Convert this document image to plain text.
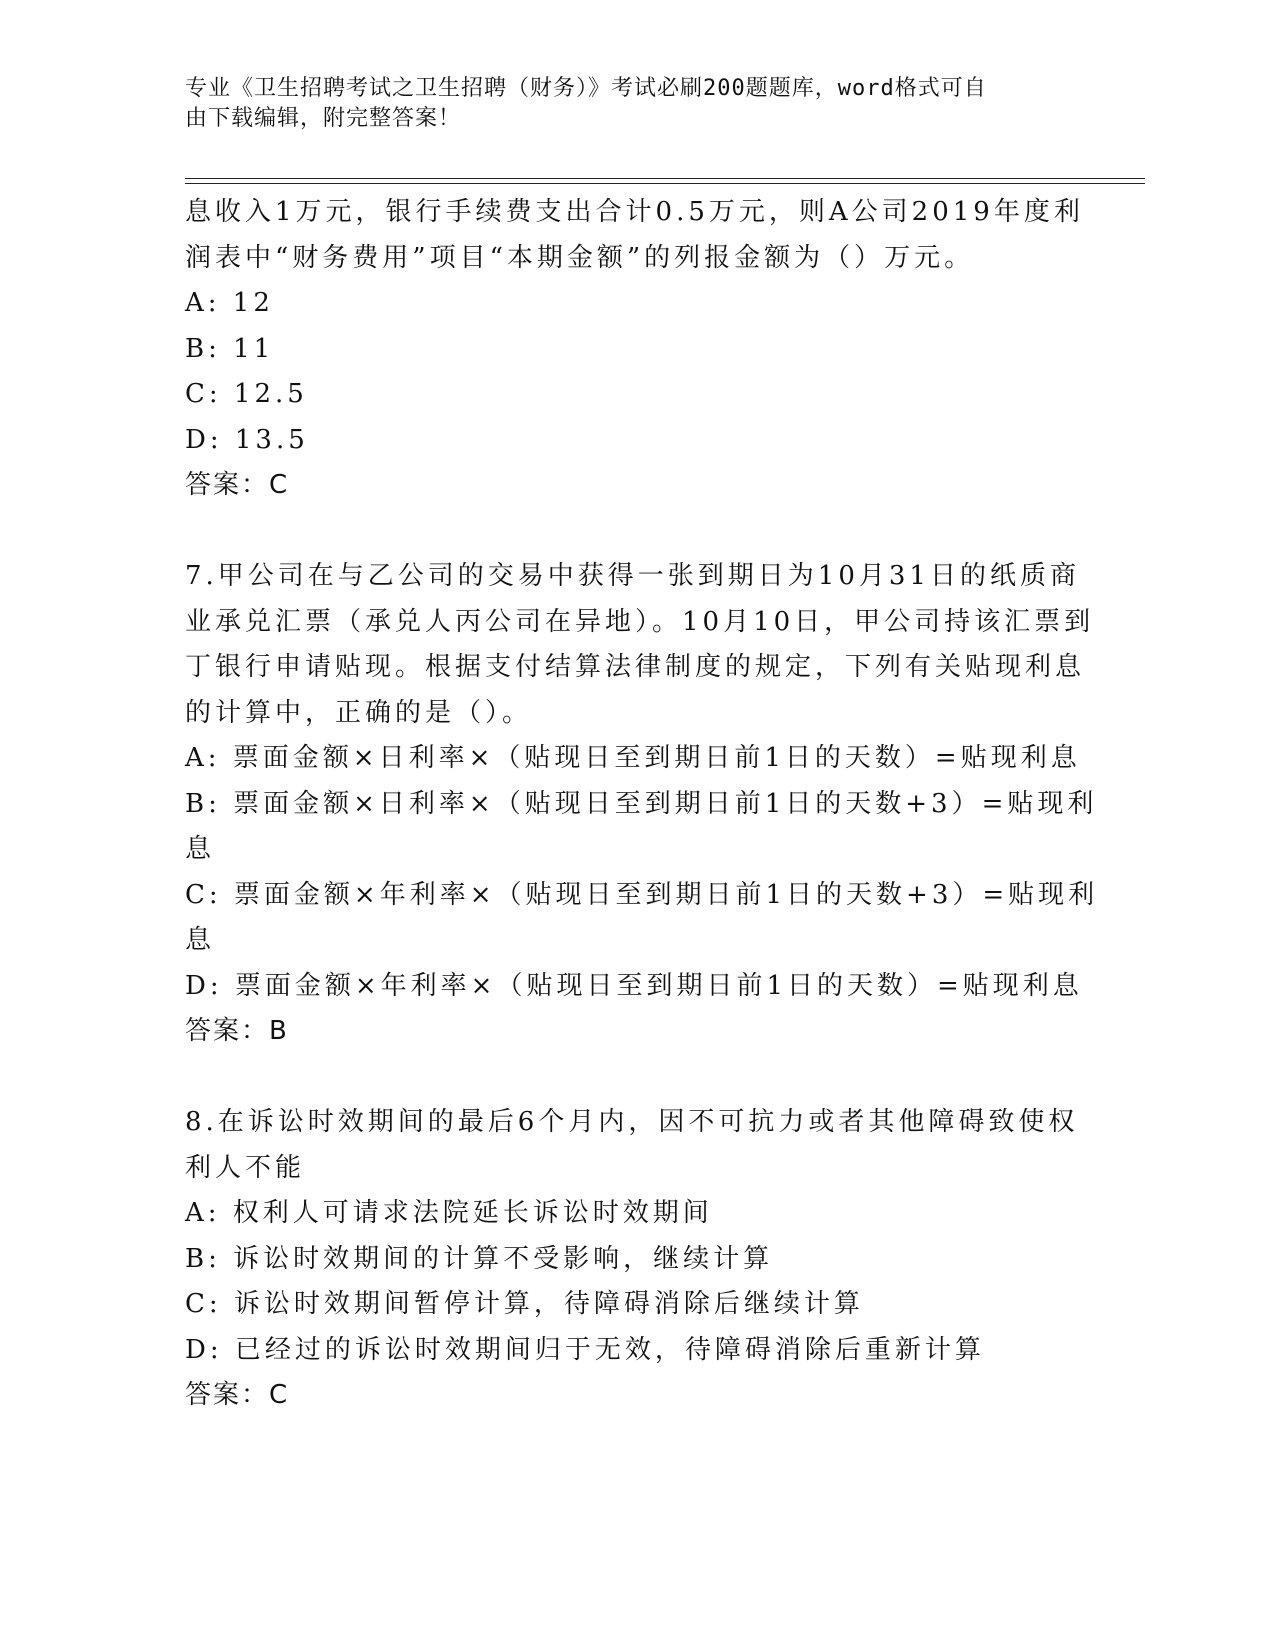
专业《卫生招聘考试之卫生招聘（财务）》考试必刷200题题库，word格式可自
由下载编辑，附完整答案！
息收入1万元，银行手续费支出合计0.5万元，则A公司2019年度利
润表中“财务费用”项目“本期金额”的列报金额为（）万元。
A: 12
B: 11
C: 12.5
D: 13.5
答案：C
7.甲公司在与乙公司的交易中获得一张到期日为10月31日的纸质商
业承兑汇票（承兑人丙公司在异地）。10月10日，甲公司持该汇票到
丁银行申请贴现。根据支付结算法律制度的规定，下列有关贴现利息
的计算中，正确的是（）。
A: 票面金额×日利率×（贴现日至到期日前1日的天数）=贴现利息
B: 票面金额×日利率×（贴现日至到期日前1日的天数+3）=贴现利
息
C: 票面金额×年利率×（贴现日至到期日前1日的天数+3）=贴现利
息
D: 票面金额×年利率×（贴现日至到期日前1日的天数）=贴现利息
答案：B
8.在诉讼时效期间的最后6个月内，因不可抗力或者其他障碍致使权
利人不能
A: 权利人可请求法院延长诉讼时效期间
B: 诉讼时效期间的计算不受影响，继续计算
C: 诉讼时效期间暂停计算，待障碍消除后继续计算
D: 已经过的诉讼时效期间归于无效，待障碍消除后重新计算
答案：C
